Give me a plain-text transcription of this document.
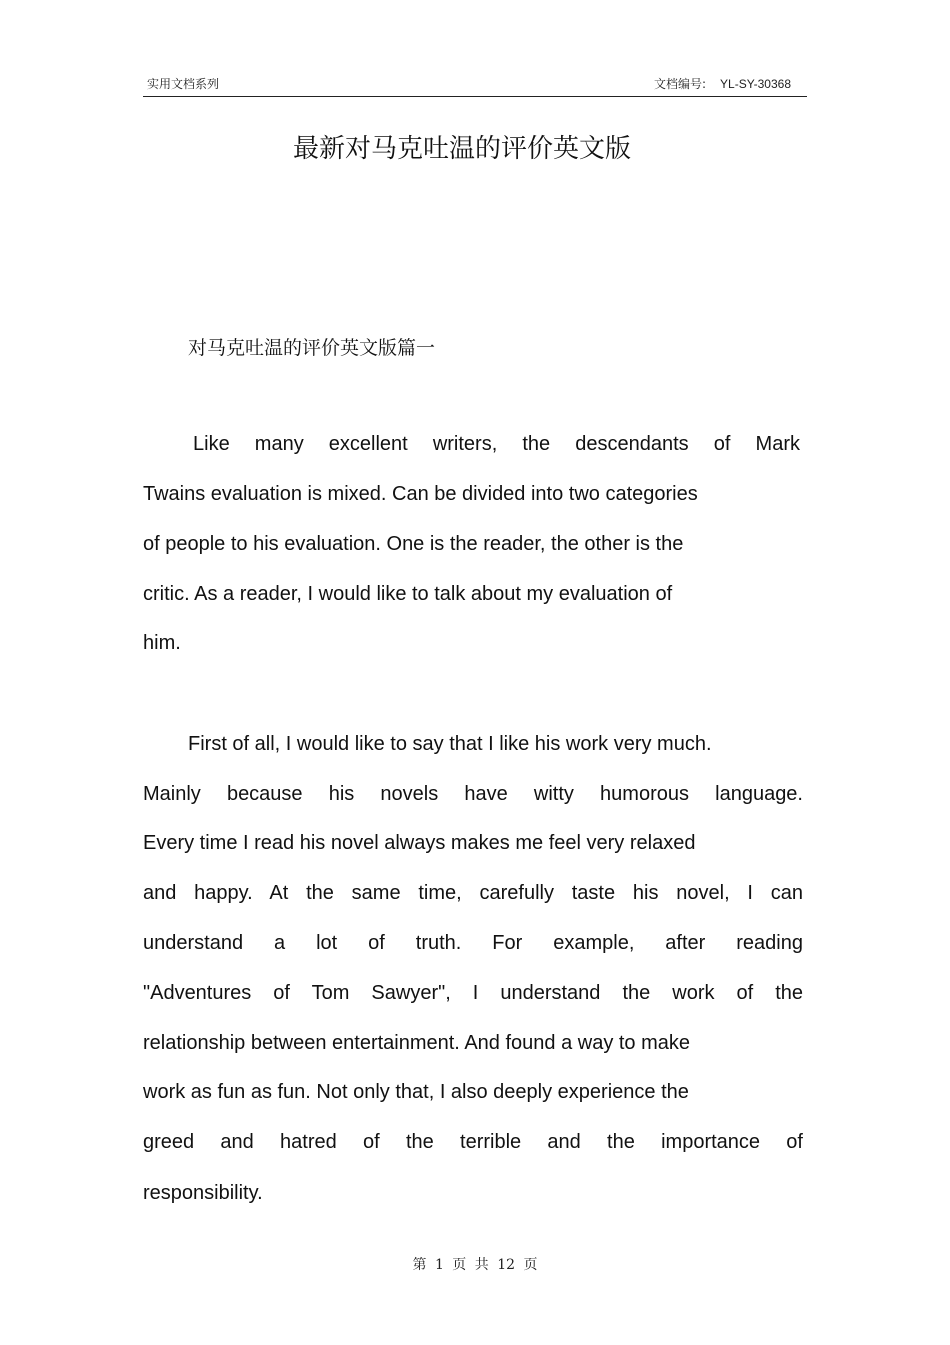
实用文档系列	文档编号: YL-SY-30368
最新对马克吐温的评价英文版
对马克吐温的评价英文版篇一
Like many excellent writers, the descendants of Mark
Twains evaluation is mixed. Can be divided into two categories
of people to his evaluation. One is the reader, the other is the
critic. As a reader, I would like to talk about my evaluation of
him.
First of all, I would like to say that I like his work very much.
Mainly because his novels have witty humorous language.
Every time I read his novel always makes me feel very relaxed
and happy. At the same time, carefully taste his novel, I can
understand a lot of truth. For example, after reading
"Adventures of Tom Sawyer", I understand the work of the
relationship between entertainment. And found a way to make
work as fun as fun. Not only that, I also deeply experience the
greed and hatred of the terrible and the importance of
responsibility.
第 1 页 共 12 页
